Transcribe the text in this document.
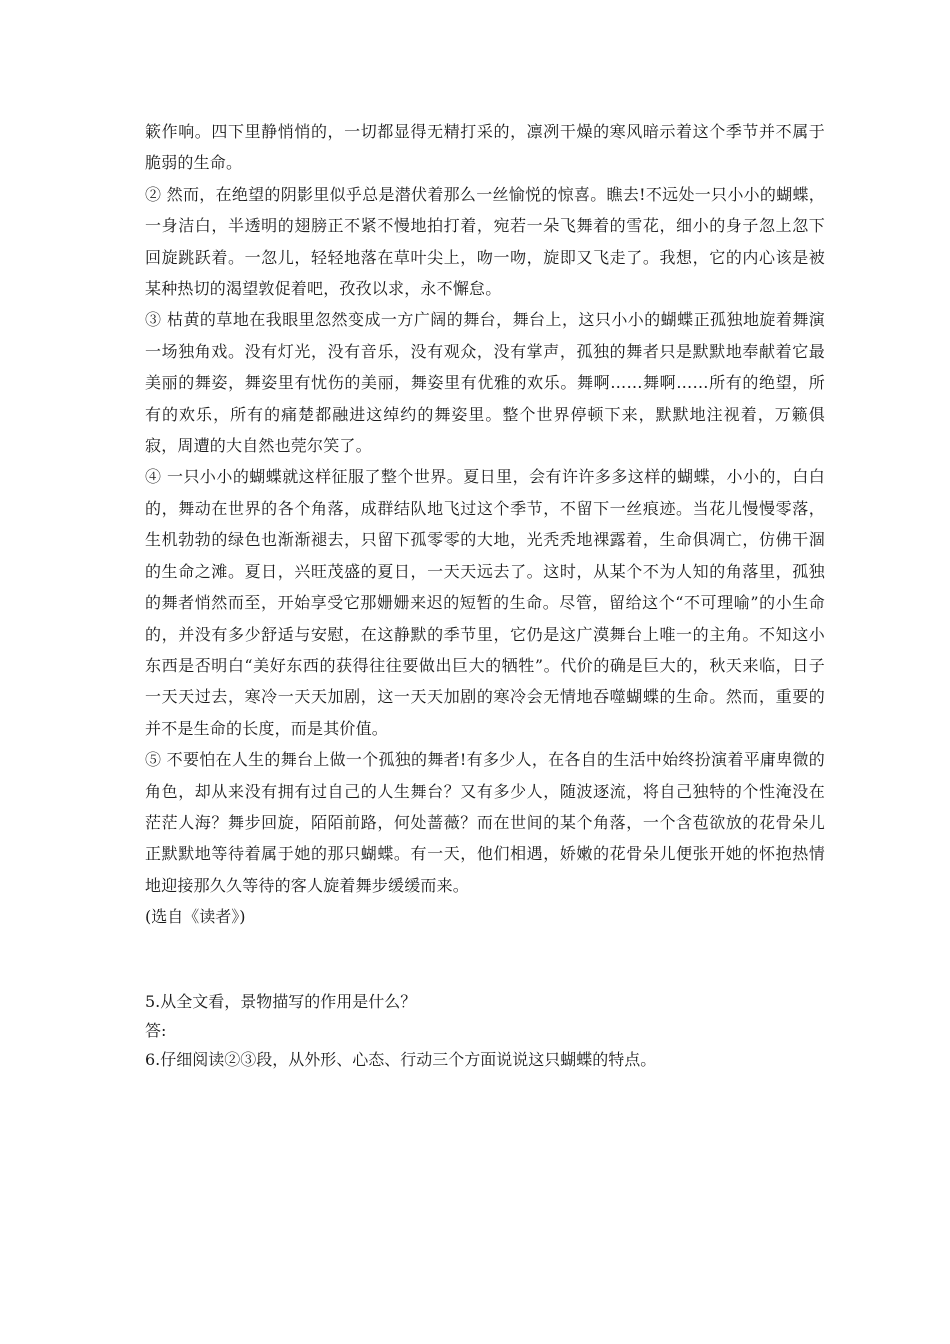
簌作响。四下里静悄悄的，一切都显得无精打采的，凛冽干燥的寒风暗示着这个季节并不属于脆弱的生命。

② 然而，在绝望的阴影里似乎总是潜伏着那么一丝愉悦的惊喜。瞧去!不远处一只小小的蝴蝶，一身洁白，半透明的翅膀正不紧不慢地拍打着，宛若一朵飞舞着的雪花，细小的身子忽上忽下回旋跳跃着。一忽儿，轻轻地落在草叶尖上，吻一吻，旋即又飞走了。我想，它的内心该是被某种热切的渴望敦促着吧，孜孜以求，永不懈怠。

③ 枯黄的草地在我眼里忽然变成一方广阔的舞台，舞台上，这只小小的蝴蝶正孤独地旋着舞演一场独角戏。没有灯光，没有音乐，没有观众，没有掌声，孤独的舞者只是默默地奉献着它最美丽的舞姿，舞姿里有忧伤的美丽，舞姿里有优雅的欢乐。舞啊……舞啊……所有的绝望，所有的欢乐，所有的痛楚都融进这绰约的舞姿里。整个世界停顿下来，默默地注视着，万籁俱寂，周遭的大自然也莞尔笑了。

④ 一只小小的蝴蝶就这样征服了整个世界。夏日里，会有许许多多这样的蝴蝶，小小的，白白的，舞动在世界的各个角落，成群结队地飞过这个季节，不留下一丝痕迹。当花儿慢慢零落，生机勃勃的绿色也渐渐褪去，只留下孤零零的大地，光秃秃地裸露着，生命俱凋亡，仿佛干涸的生命之滩。夏日，兴旺茂盛的夏日，一天天远去了。这时，从某个不为人知的角落里，孤独的舞者悄然而至，开始享受它那姗姗来迟的短暂的生命。尽管，留给这个“不可理喻”的小生命的，并没有多少舒适与安慰，在这静默的季节里，它仍是这广漠舞台上唯一的主角。不知这小东西是否明白“美好东西的获得往往要做出巨大的牺牲”。代价的确是巨大的，秋天来临，日子一天天过去，寒冷一天天加剧，这一天天加剧的寒冷会无情地吞噬蝴蝶的生命。然而，重要的并不是生命的长度，而是其价值。

⑤ 不要怕在人生的舞台上做一个孤独的舞者!有多少人，在各自的生活中始终扮演着平庸卑微的角色，却从来没有拥有过自己的人生舞台？又有多少人，随波逐流，将自己独特的个性淹没在茫茫人海？舞步回旋，陌陌前路，何处蔷薇？而在世间的某个角落，一个含苞欲放的花骨朵儿正默默地等待着属于她的那只蝴蝶。有一天，他们相遇，娇嫩的花骨朵儿便张开她的怀抱热情地迎接那久久等待的客人旋着舞步缓缓而来。

(选自《读者》)

5.从全文看，景物描写的作用是什么？

答:

6.仔细阅读②③段，从外形、心态、行动三个方面说说这只蝴蝶的特点。
